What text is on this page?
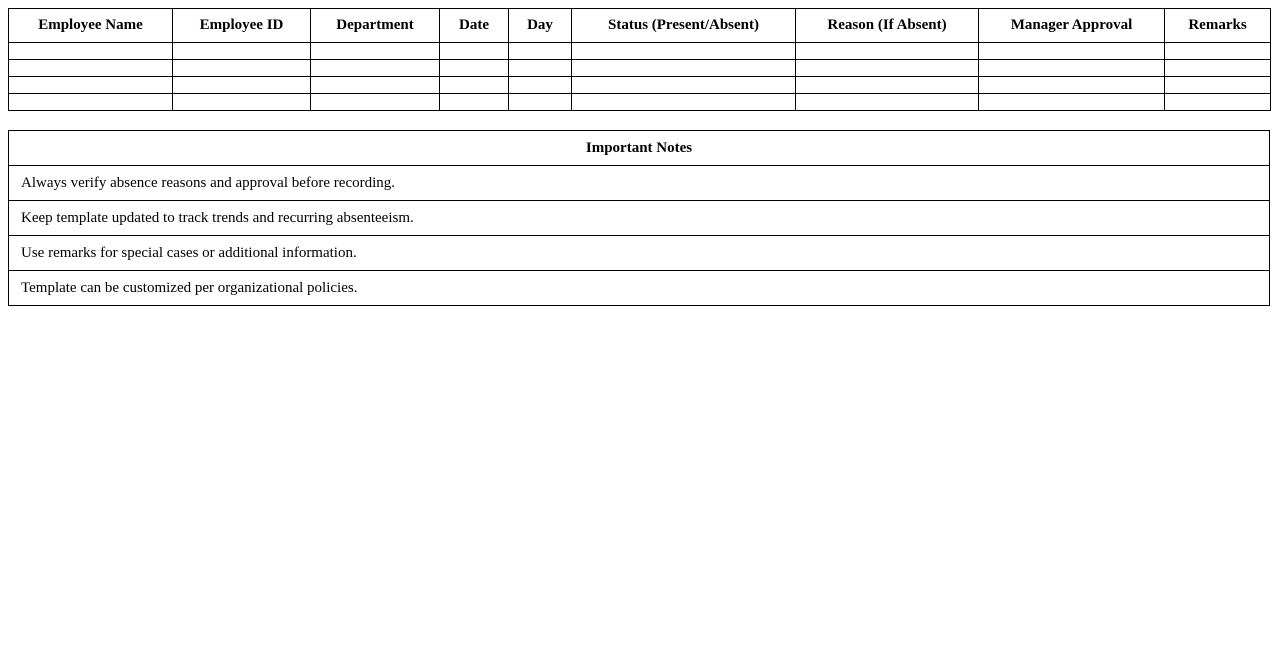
Employee Name	Employee ID	Department	Date	Day	Status (Present/Absent)	Reason (If Absent)	Manager Approval	Remarks

Important Notes
Always verify absence reasons and approval before recording.
Keep template updated to track trends and recurring absenteeism.
Use remarks for special cases or additional information.
Template can be customized per organizational policies.
